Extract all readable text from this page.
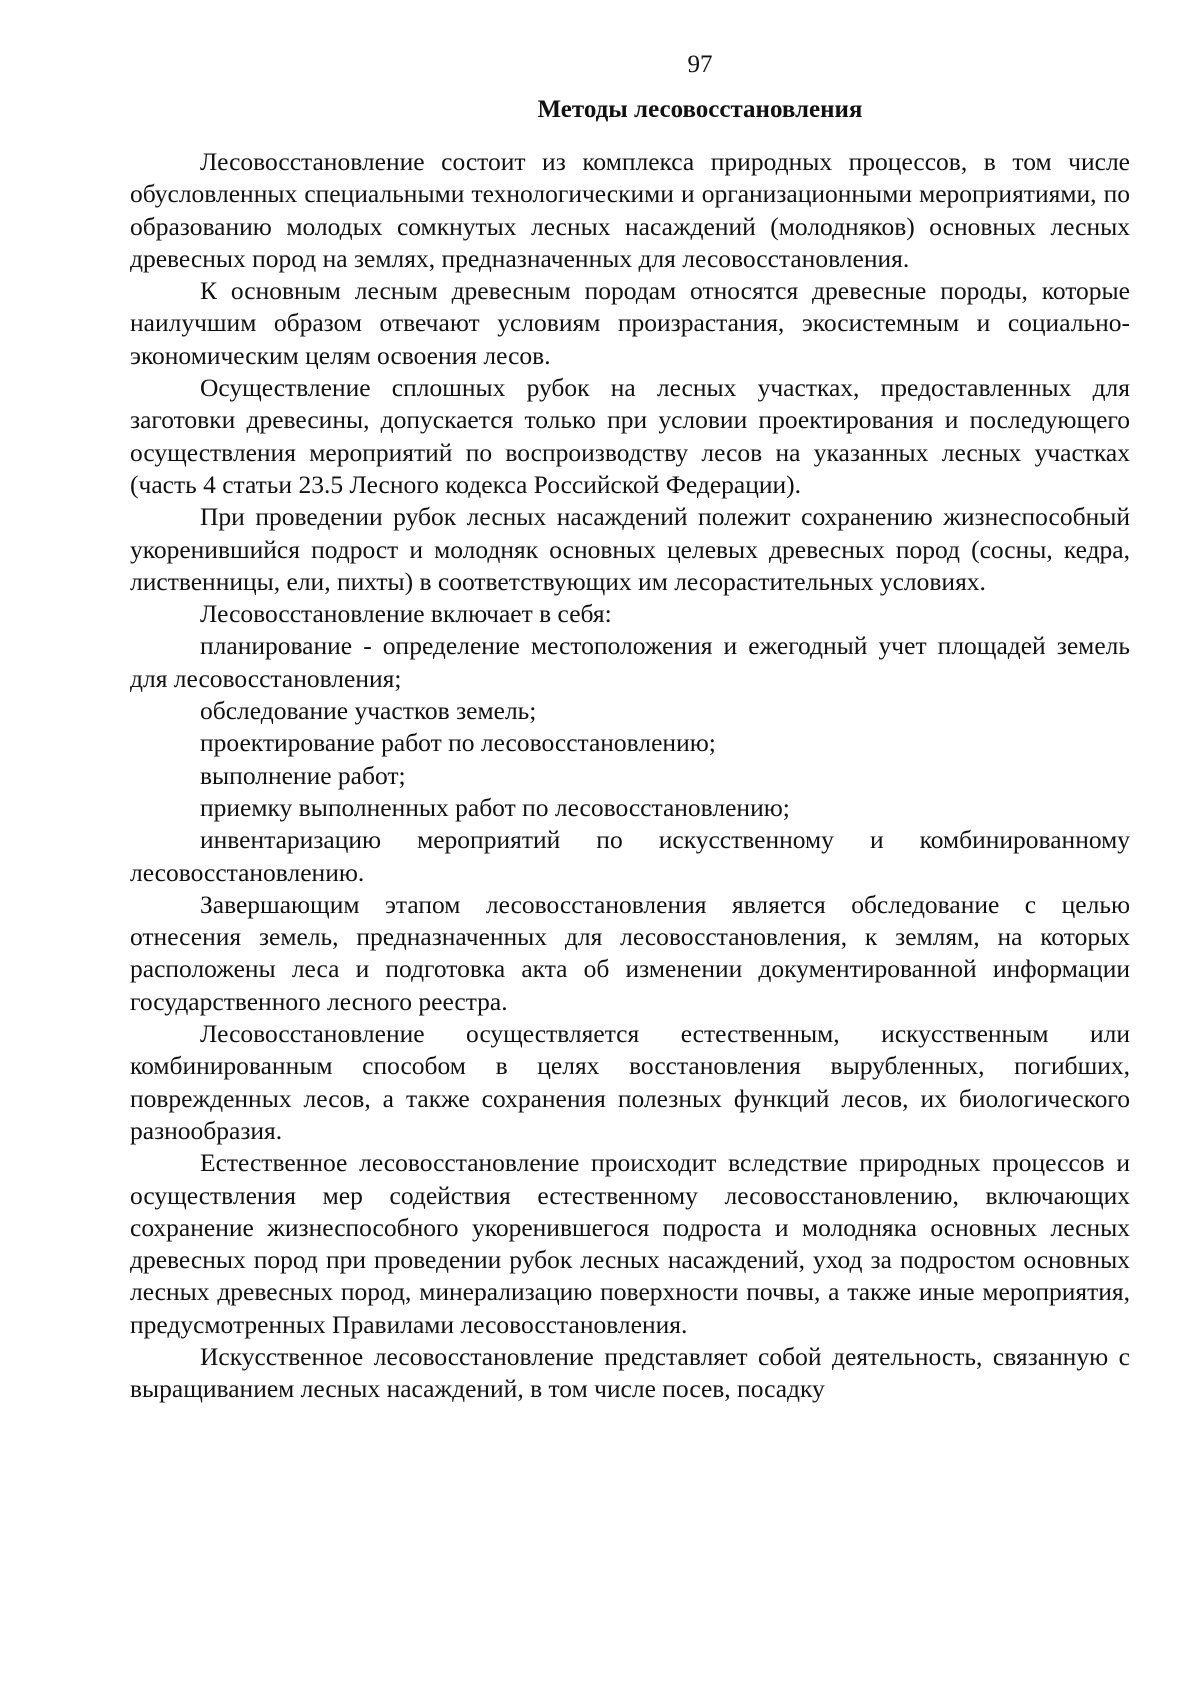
97
Методы лесовосстановления

Лесовосстановление состоит из комплекса природных процессов, в том числе обусловленных специальными технологическими и организационными мероприятиями, по образованию молодых сомкнутых лесных насаждений (молодняков) основных лесных древесных пород на землях, предназначенных для лесовосстановления.

К основным лесным древесным породам относятся древесные породы, которые наилучшим образом отвечают условиям произрастания, экосистемным и социально-экономическим целям освоения лесов.

Осуществление сплошных рубок на лесных участках, предоставленных для заготовки древесины, допускается только при условии проектирования и последующего осуществления мероприятий по воспроизводству лесов на указанных лесных участках (часть 4 статьи 23.5 Лесного кодекса Российской Федерации).

При проведении рубок лесных насаждений полежит сохранению жизнеспособный укоренившийся подрост и молодняк основных целевых древесных пород (сосны, кедра, лиственницы, ели, пихты) в соответствующих им лесорастительных условиях.

Лесовосстановление включает в себя:

планирование - определение местоположения и ежегодный учет площадей земель для лесовосстановления;

обследование участков земель;

проектирование работ по лесовосстановлению;

выполнение работ;

приемку выполненных работ по лесовосстановлению;

инвентаризацию мероприятий по искусственному и комбинированному лесовосстановлению.

Завершающим этапом лесовосстановления является обследование с целью отнесения земель, предназначенных для лесовосстановления, к землям, на которых расположены леса и подготовка акта об изменении документированной информации государственного лесного реестра.

Лесовосстановление осуществляется естественным, искусственным или комбинированным способом в целях восстановления вырубленных, погибших, поврежденных лесов, а также сохранения полезных функций лесов, их биологического разнообразия.

Естественное лесовосстановление происходит вследствие природных процессов и осуществления мер содействия естественному лесовосстановлению, включающих сохранение жизнеспособного укоренившегося подроста и молодняка основных лесных древесных пород при проведении рубок лесных насаждений, уход за подростом основных лесных древесных пород, минерализацию поверхности почвы, а также иные мероприятия, предусмотренных Правилами лесовосстановления.

Искусственное лесовосстановление представляет собой деятельность, связанную с выращиванием лесных насаждений, в том числе посев, посадку
